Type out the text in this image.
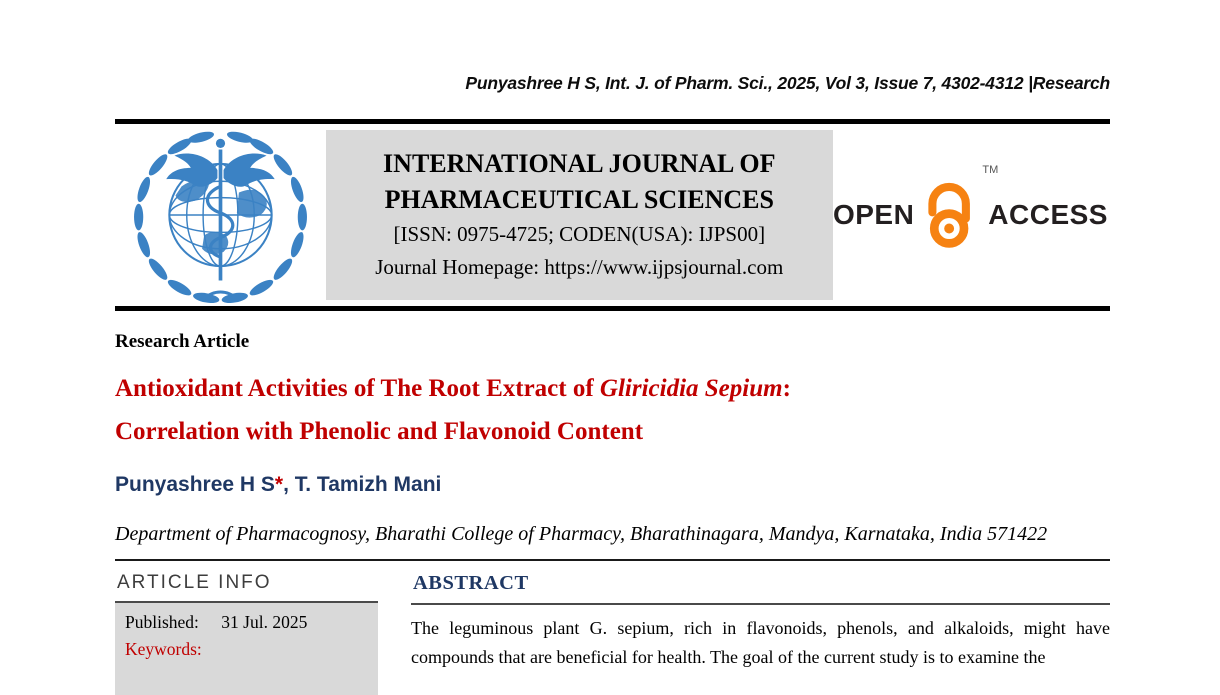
Punyashree H S, Int. J. of Pharm. Sci., 2025, Vol 3, Issue 7, 4302-4312 |Research
INTERNATIONAL JOURNAL OF
PHARMACEUTICAL SCIENCES
[ISSN: 0975-4725; CODEN(USA): IJPS00]
Journal Homepage: https://www.ijpsjournal.com
OPEN
TM
ACCESS
Research Article
Antioxidant Activities of The Root Extract of Gliricidia Sepium:
Correlation with Phenolic and Flavonoid Content
Punyashree H S*, T. Tamizh Mani
Department of Pharmacognosy, Bharathi College of Pharmacy, Bharathinagara, Mandya, Karnataka, India 571422
ARTICLE INFO
Published: 31 Jul. 2025
Keywords:
ABSTRACT
The leguminous plant G. sepium, rich in flavonoids, phenols, and alkaloids, might have compounds that are beneficial for health. The goal of the current study is to examine the
